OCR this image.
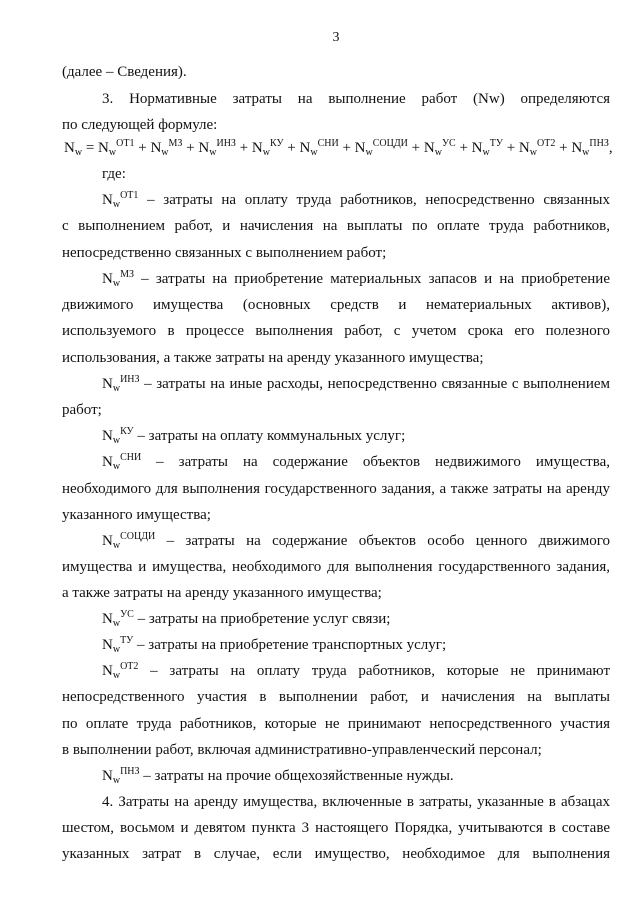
3
(далее – Сведения).
3. Нормативные затраты на выполнение работ (Nw) определяются
по следующей формуле:
$N_w = N_w^{ОТ1} + N_w^{МЗ} + N_w^{ИНЗ} + N_w^{КУ} + N_w^{СНИ} + N_w^{СОЦДИ} + N_w^{УС} + N_w^{ТУ} + N_w^{ОТ2} + N_w^{ПНЗ}$,
где:
$N_w^{ОТ1}$ – затраты на оплату труда работников, непосредственно связанных
с выполнением работ, и начисления на выплаты по оплате труда работников,
непосредственно связанных с выполнением работ;
$N_w^{МЗ}$ – затраты на приобретение материальных запасов и на приобретение
движимого имущества (основных средств и нематериальных активов),
используемого в процессе выполнения работ, с учетом срока его полезного
использования, а также затраты на аренду указанного имущества;
$N_w^{ИНЗ}$ – затраты на иные расходы, непосредственно связанные с выполнением
работ;
$N_w^{КУ}$ – затраты на оплату коммунальных услуг;
$N_w^{СНИ}$ – затраты на содержание объектов недвижимого имущества,
необходимого для выполнения государственного задания, а также затраты на аренду
указанного имущества;
$N_w^{СОЦДИ}$ – затраты на содержание объектов особо ценного движимого
имущества и имущества, необходимого для выполнения государственного задания,
а также затраты на аренду указанного имущества;
$N_w^{УС}$ – затраты на приобретение услуг связи;
$N_w^{ТУ}$ – затраты на приобретение транспортных услуг;
$N_w^{ОТ2}$ – затраты на оплату труда работников, которые не принимают
непосредственного участия в выполнении работ, и начисления на выплаты
по оплате труда работников, которые не принимают непосредственного участия
в выполнении работ, включая административно-управленческий персонал;
$N_w^{ПНЗ}$ – затраты на прочие общехозяйственные нужды.
4. Затраты на аренду имущества, включенные в затраты, указанные в абзацах
шестом, восьмом и девятом пункта 3 настоящего Порядка, учитываются в составе
указанных затрат в случае, если имущество, необходимое для выполнения
